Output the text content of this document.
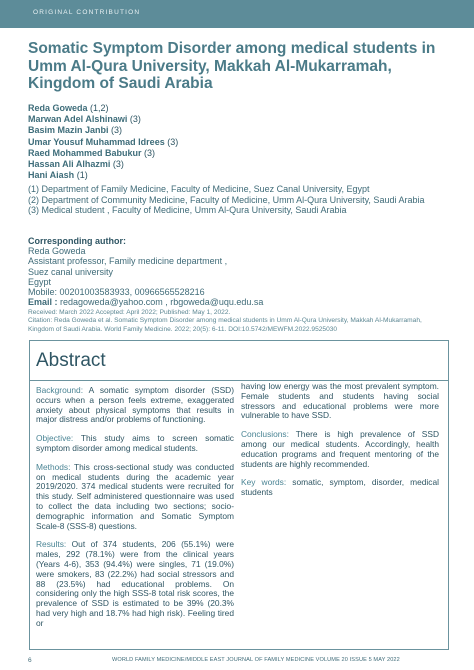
ORIGINAL CONTRIBUTION
Somatic Symptom Disorder among medical students in Umm Al-Qura University, Makkah Al-Mukarramah, Kingdom of Saudi Arabia
Reda Goweda (1,2)
Marwan Adel Alshinawi (3)
Basim Mazin Janbi (3)
Umar Yousuf Muhammad Idrees (3)
Raed Mohammed Babukur (3)
Hassan Ali Alhazmi (3)
Hani Aiash (1)
(1) Department of Family Medicine, Faculty of Medicine, Suez Canal University, Egypt
(2) Department of Community Medicine, Faculty of Medicine, Umm Al-Qura University, Saudi Arabia
(3) Medical student , Faculty of Medicine, Umm Al-Qura University, Saudi Arabia
Corresponding author:
Reda Goweda
Assistant professor, Family medicine department ,
Suez canal university
Egypt
Mobile: 00201003583933, 00966565528216
Email : redagoweda@yahoo.com , rbgoweda@uqu.edu.sa
Received: March 2022 Accepted: April 2022; Published: May 1, 2022.
Citation: Reda Goweda et al. Somatic Symptom Disorder among medical students in Umm Al-Qura University, Makkah Al-Mukarramah, Kingdom of Saudi Arabia. World Family Medicine. 2022; 20(5): 6-11. DOI:10.5742/MEWFM.2022.9525030
Abstract

Background: A somatic symptom disorder (SSD) occurs when a person feels extreme, exaggerated anxiety about physical symptoms that results in major distress and/or problems of functioning.

Objective: This study aims to screen somatic symptom disorder among medical students.

Methods: This cross-sectional study was conducted on medical students during the academic year 2019/2020. 374 medical students were recruited for this study. Self administered questionnaire was used to collect the data including two sections; socio-demographic information and Somatic Symptom Scale-8 (SSS-8) questions.

Results: Out of 374 students, 206 (55.1%) were males, 292 (78.1%) were from the clinical years (Years 4-6), 353 (94.4%) were singles, 71 (19.0%) were smokers, 83 (22.2%) had social stressors and 88 (23.5%) had educational problems. On considering only the high SSS-8 total risk scores, the prevalence of SSD is estimated to be 39% (20.3% had very high and 18.7% had high risk). Feeling tired or

having low energy was the most prevalent symptom. Female students and students having social stressors and educational problems were more vulnerable to have SSD.

Conclusions: There is high prevalence of SSD among our medical students. Accordingly, health education programs and frequent mentoring of the students are highly recommended.

Key words: somatic, symptom, disorder, medical students

6	WORLD FAMILY MEDICINE/MIDDLE EAST JOURNAL OF FAMILY MEDICINE VOLUME 20 ISSUE 5 MAY 2022
